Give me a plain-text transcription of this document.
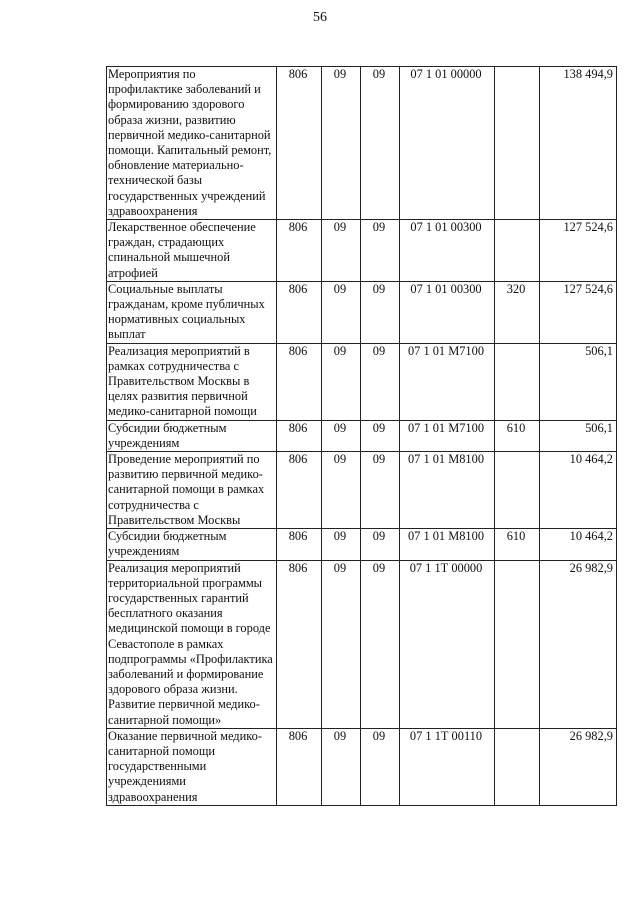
56
Мероприятия по профилактике заболеваний и формированию здорового образа жизни, развитию первичной медико-санитарной помощи. Капитальный ремонт, обновление материально-технической базы государственных учреждений здравоохранения	806	09	09	07 1 01 00000		138 494,9
Лекарственное обеспечение граждан, страдающих спинальной мышечной атрофией	806	09	09	07 1 01 00300		127 524,6
Социальные выплаты гражданам, кроме публичных нормативных социальных выплат	806	09	09	07 1 01 00300	320	127 524,6
Реализация мероприятий в рамках сотрудничества с Правительством Москвы в целях развития первичной медико-санитарной помощи	806	09	09	07 1 01 M7100		506,1
Субсидии бюджетным учреждениям	806	09	09	07 1 01 M7100	610	506,1
Проведение мероприятий по развитию первичной медико-санитарной помощи в рамках сотрудничества с Правительством Москвы	806	09	09	07 1 01 M8100		10 464,2
Субсидии бюджетным учреждениям	806	09	09	07 1 01 M8100	610	10 464,2
Реализация мероприятий территориальной программы государственных гарантий бесплатного оказания медицинской помощи в городе Севастополе в рамках подпрограммы «Профилактика заболеваний и формирование здорового образа жизни. Развитие первичной медико-санитарной помощи»	806	09	09	07 1 1Т 00000		26 982,9
Оказание первичной медико-санитарной помощи государственными учреждениями здравоохранения	806	09	09	07 1 1Т 00110		26 982,9
